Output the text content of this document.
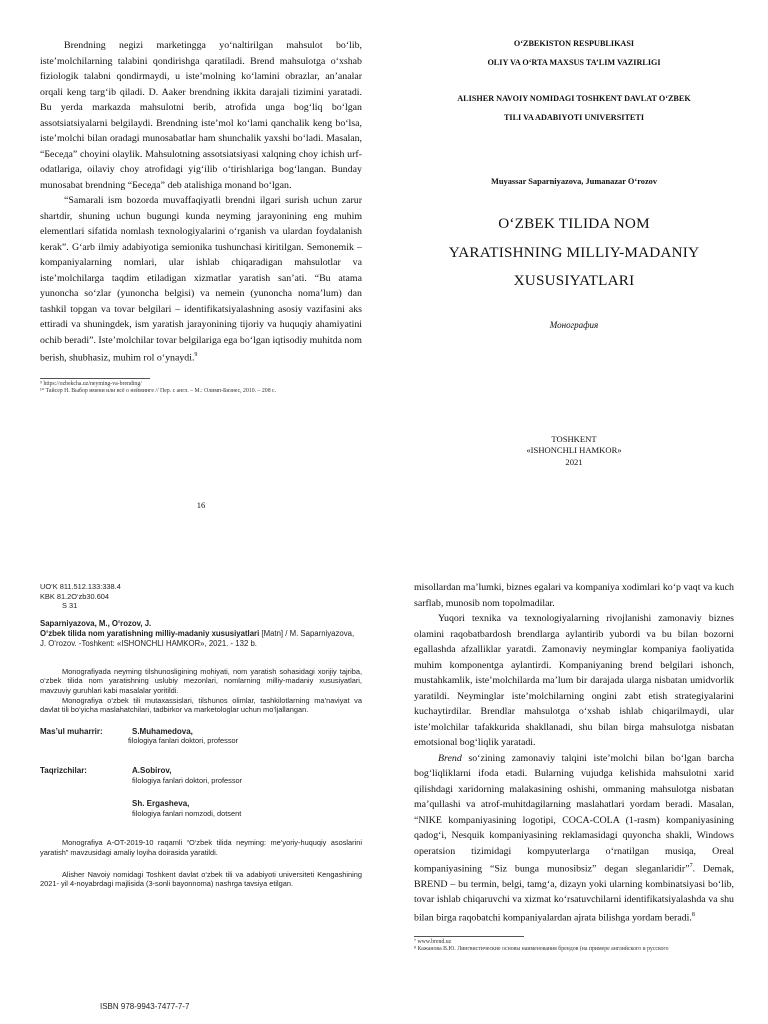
Brendning negizi marketingga yo‘naltirilgan mahsulot bo‘lib, iste’molchilarning talabini qondirishga qaratiladi. Brend mahsulotga o‘xshab fiziologik talabni qondirmaydi, u iste’molning ko‘lamini obrazlar, an’analar orqali keng targ‘ib qiladi. D. Aaker brendning ikkita darajali tizimini yaratadi. Bu yerda markazda mahsulotni berib, atrofida unga bog‘liq bo‘lgan assotsiatsiyalarni belgilaydi. Brendning iste’mol ko‘lami qanchalik keng bo‘lsa, iste’molchi bilan oradagi munosabatlar ham shunchalik yaxshi bo‘ladi. Masalan, “Беседа” choyini olaylik. Mahsulotning assotsiatsiyasi xalqning choy ichish urf-odatlariga, oilaviy choy atrofidagi yig‘ilib o‘tirishlariga bog‘langan. Bunday munosabat brendning “Беседа” deb atalishiga monand bo‘lgan.

“Samarali ism bozorda muvaffaqiyatli brendni ilgari surish uchun zarur shartdir, shuning uchun bugungi kunda neyming jarayonining eng muhim elementlari sifatida nomlash texnologiyalarini o‘rganish va ulardan foydalanish kerak”. G‘arb ilmiy adabiyotiga semionika tushunchasi kiritilgan. Semonemik – kompaniyalarning nomlari, ular ishlab chiqaradigan mahsulotlar va iste’molchilarga taqdim etiladigan xizmatlar yaratish san’ati. “Bu atama yunoncha so‘zlar (yunoncha belgisi) va nemein (yunoncha noma’lum) dan tashkil topgan va tovar belgilari – identifikatsiyalashning asosiy vazifasini aks ettiradi va shuningdek, ism yaratish jarayonining tijoriy va huquqiy ahamiyatini ochib beradi”. Iste’molchilar tovar belgilariga ega bo‘lgan iqtisodiy muhitda nom berish, shubhasiz, muhim rol o‘ynaydi.$^9$

⁹ https://ozbekcha.uz/neyming-va-brending/
¹⁰ Тайсер Н. Выбор имени или всё о нейминге // Пер. с англ. – М.: Олимп-Бизнес, 2010. – 208 с.
16
O‘ZBEKISTON RESPUBLIKASI
OLIY VA O‘RTA MAXSUS TA’LIM VAZIRLIGI
ALISHER NAVOIY NOMIDAGI TOSHKENT DAVLAT O‘ZBEK
TILI VA ADABIYOTI UNIVERSITETI
Muyassar Saparniyazova, Jumanazar O‘rozov
O‘ZBEK TILIDA NOM
YARATISHNING MILLIY-MADANIY
XUSUSIYATLARI
Монография
TOSHKENT
«ISHONCHLI HAMKOR»
2021
UO‘K 811.512.133:338.4
KBK 81.2O‘zb30.604
S 31
Saparniyazova, M., O‘rozov, J.
O‘zbek tilida nom yaratishning milliy-madaniy xususiyatlari [Matn] / M. Saparniyazova, J. O‘rozov. -Toshkent: «ISHONCHLI HAMKOR», 2021. - 132 b.

Monografiyada neyming tilshunosligining mohiyati, nom yaratish sohasidagi xorijiy tajriba, o‘zbek tilida nom yaratishning uslubiy mezonlari, nomlarning milliy-madaniy xususiyatlari, mavzuviy guruhlari kabi masalalar yoritildi.

Monografiya o‘zbek tili mutaxassislari, tilshunos olimlar, tashkilotlarning ma’naviyat va davlat tili bo‘yicha maslahatchilari, tadbirkor va marketologlar uchun mo‘ljallangan.

Mas’ul muharrir:	S.Muhamedova,
filologiya fanlari doktori, professor
Taqrizchilar:	A.Sobirov,
filologiya fanlari doktori, professor
Sh. Ergasheva,
filologiya fanlari nomzodi, dotsent

Monografiya A-OT-2019-10 raqamli “O‘zbek tilida neyming: me’yoriy-huquqiy asoslarini yaratish” mavzusidagi amaliy loyiha doirasida yaratildi.

Alisher Navoiy nomidagi Toshkent davlat o‘zbek tili va adabiyoti universiteti Kengashining 2021- yil 4-noyabrdagi majlisida (3-sonli bayonnoma) nashrga tavsiya etilgan.

ISBN 978-9943-7477-7-7

misollardan ma’lumki, biznes egalari va kompaniya xodimlari ko‘p vaqt va kuch sarflab, munosib nom topolmadilar.

Yuqori texnika va texnologiyalarning rivojlanishi zamonaviy biznes olamini raqobatbardosh brendlarga aylantirib yubordi va bu bilan bozorni egallashda afzalliklar yaratdi. Zamonaviy neyminglar kompaniya faoliyatida muhim komponentga aylantirdi. Kompaniyaning brend belgilari ishonch, mustahkamlik, iste’molchilarda ma’lum bir darajada ularga nisbatan umidvorlik yaratildi. Neyminglar iste’molchilarning ongini zabt etish strategiyalarini kuchaytirdilar. Brendlar mahsulotga o‘xshab ishlab chiqarilmaydi, ular iste’molchilar tafakkurida shakllanadi, shu bilan birga mahsulotga nisbatan emotsional bog‘liqlik yaratadi.

Brend so‘zining zamonaviy talqini iste’molchi bilan bo‘lgan barcha bog‘liqliklarni ifoda etadi. Bularning vujudga kelishida mahsulotni xarid qilishdagi xaridorning malakasining oshishi, ommaning mahsulotga nisbatan ma’qullashi va atrof-muhitdagilarning maslahatlari yordam beradi. Masalan, “NIKE kompaniyasining logotipi, COCA-COLA (1-rasm) kompaniyasining qadog‘i, Nesquik kompaniyasining reklamasidagi quyoncha shakli, Windows operatsion tizimidagi kompyuterlarga o‘rnatilgan musiqa, Oreal kompaniyasining “Siz bunga munosibsiz” degan sleganlaridir”$^7$. Demak, BREND – bu termin, belgi, tamg‘a, dizayn yoki ularning kombinatsiyasi bo‘lib, tovar ishlab chiqaruvchi va xizmat ko‘rsatuvchilarni identifikatsiyalashda va shu bilan birga raqobatchi kompaniyalardan ajrata bilishga yordam beradi.$^8$

⁷ www.brend.uz
⁸ Кажанова В.Ю. Лингвистические основы наименования брендов (на примере английского и русского
